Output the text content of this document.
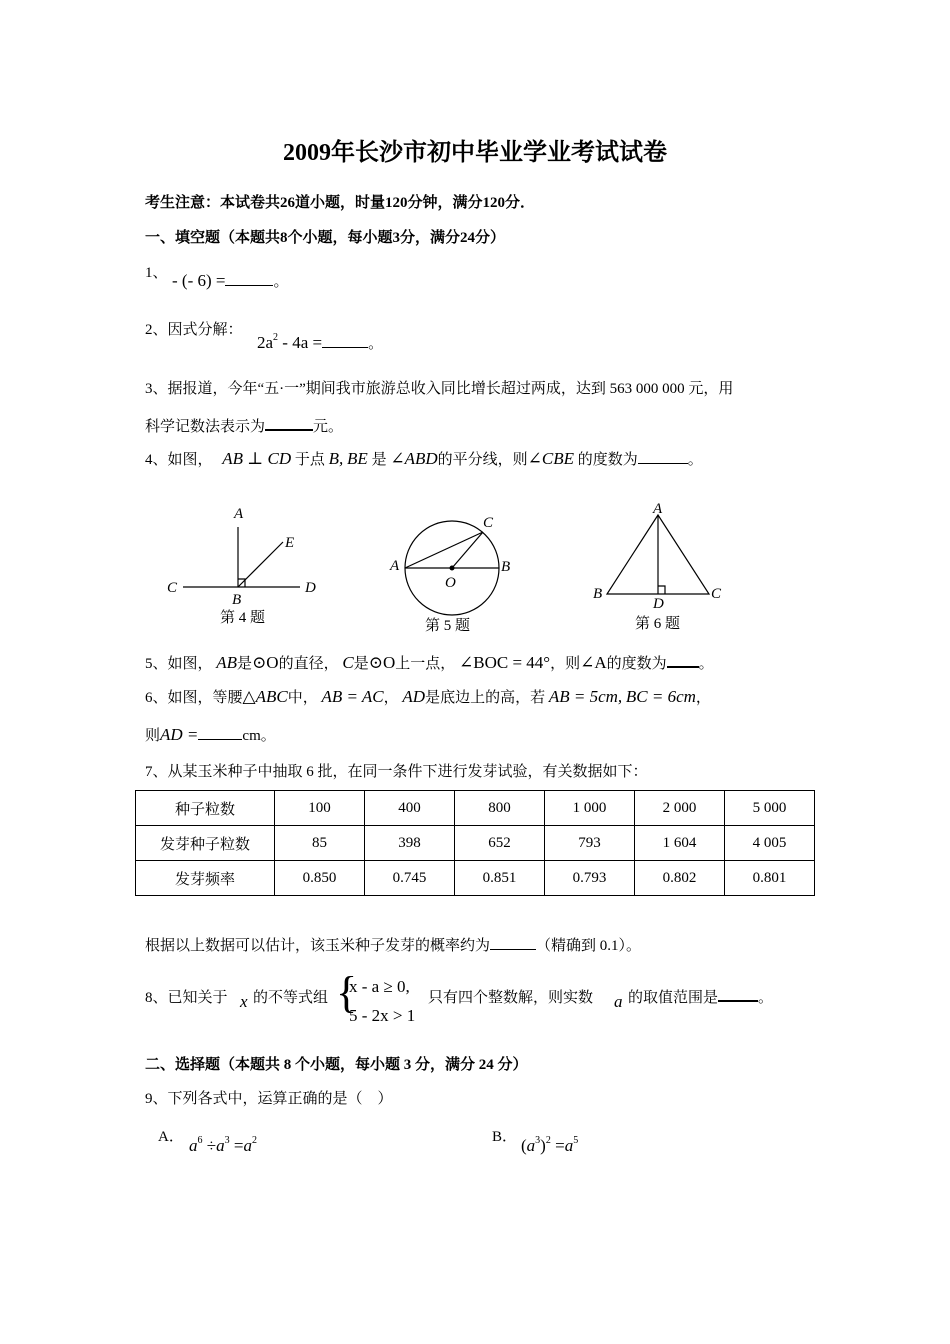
2009年长沙市初中毕业学业考试试卷
考生注意：本试卷共26道小题，时量120分钟，满分120分．
一、填空题（本题共8个小题，每小题3分，满分24分）
1、 - (- 6) =	。
2、因式分解：
$2a^2 - 4a$ =	。
3、据报道，今年“五·一”期间我市旅游总收入同比增长超过两成，达到 563 000 000 元，用
科学记数法表示为	元。
4、如图， AB ⊥ CD 于点 B, BE 是 ∠ABD的平分线，则∠CBE 的度数为	。
A
E
C
B
D
第 4 题
C
A
O
B
第 5 题
A
B
D
C
第 6 题
5、如图， AB是⊙O的直径， C是⊙O上一点， ∠BOC = 44°，则∠A的度数为 。
6、如图，等腰△ABC中， AB = AC， AD是底边上的高，若 AB = 5cm, BC = 6cm，
则AD =	cm。
7、从某玉米种子中抽取 6 批，在同一条件下进行发芽试验，有关数据如下：
种子粒数	100	400	800	1 000	2 000	5 000
发芽种子粒数	85	398	652	793	1 604	4 005
发芽频率	0.850	0.745	0.851	0.793	0.802	0.801
根据以上数据可以估计，该玉米种子发芽的概率约为	（精确到 0.1）。
8、已知关于 x 的不等式组 {
x - a ≥ 0,
5 - 2x > 1
只有四个整数解，则实数 a 的取值范围是	。
二、选择题（本题共 8 个小题，每小题 3 分，满分 24 分）
9、下列各式中，运算正确的是（　）
A． $a^6 \div a^3 =a^2$	B． $(a^3)^2 =a^5$
